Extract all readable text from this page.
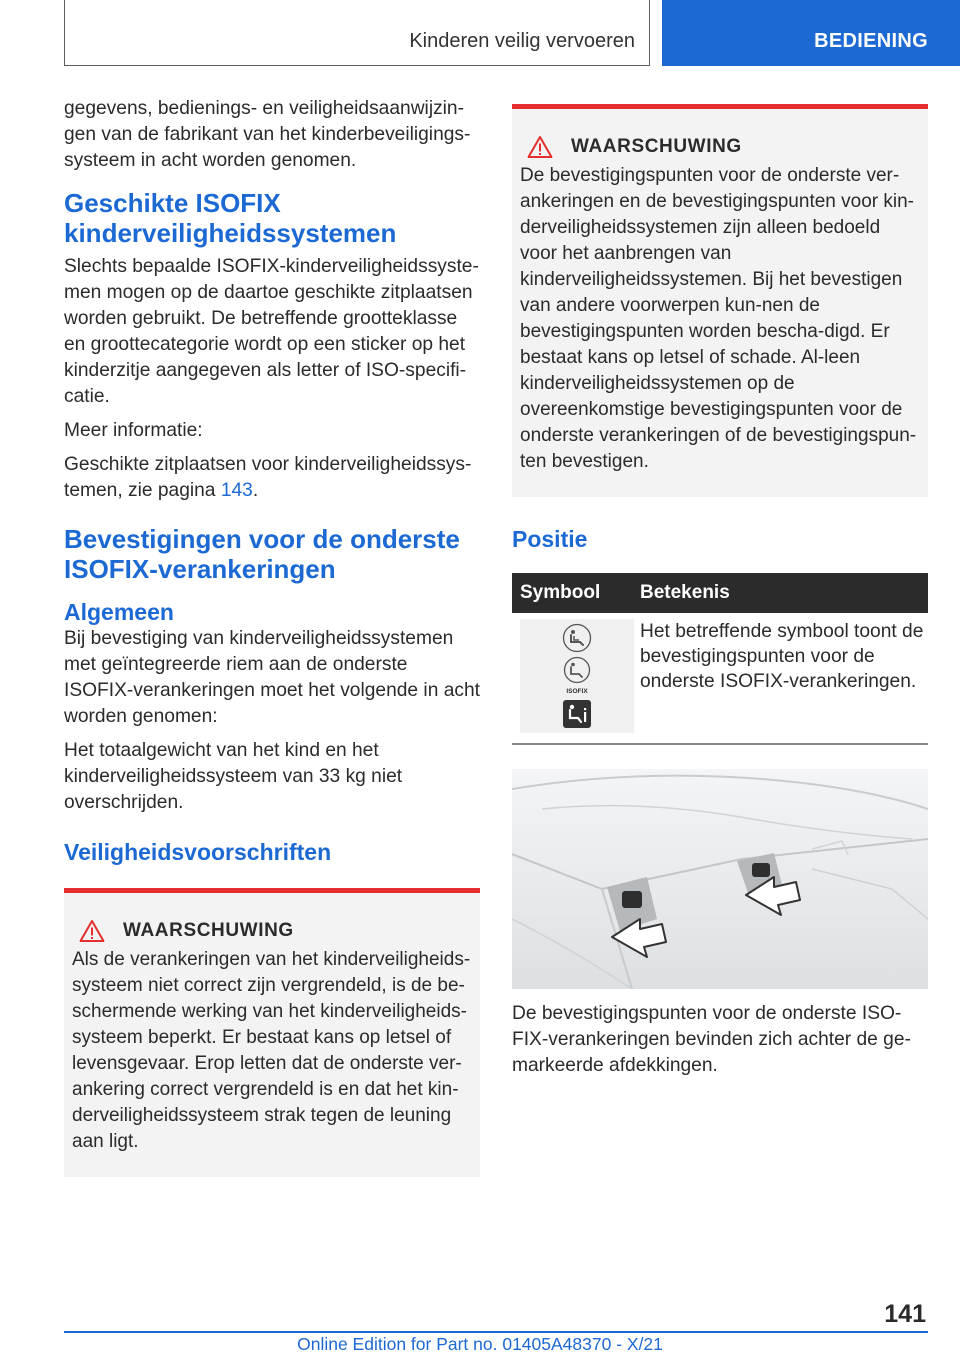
Kinderen veilig vervoeren	BEDIENING

gegevens, bedienings- en veiligheidsaanwijzin-gen van de fabrikant van het kinderbeveiligings-systeem in acht worden genomen.

Geschikte ISOFIX kinderveiligheidssystemen

Slechts bepaalde ISOFIX-kinderveiligheidssyste-men mogen op de daartoe geschikte zitplaatsen worden gebruikt. De betreffende grootteklasse en groottecategorie wordt op een sticker op het kinderzitje aangegeven als letter of ISO-specifi-catie.

Meer informatie:

Geschikte zitplaatsen voor kinderveiligheidssys-temen, zie pagina 143.

Bevestigingen voor de onderste ISOFIX-verankeringen
Algemeen

Bij bevestiging van kinderveiligheidssystemen met geïntegreerde riem aan de onderste ISOFIX-verankeringen moet het volgende in acht worden genomen:

Het totaalgewicht van het kind en het kinderveiligheidssysteem van 33 kg niet overschrijden.

Veiligheidsvoorschriften
WAARSCHUWING

Als de verankeringen van het kinderveiligheids-systeem niet correct zijn vergrendeld, is de be-schermende werking van het kinderveiligheids-systeem beperkt. Er bestaat kans op letsel of levensgevaar. Erop letten dat de onderste ver-ankering correct vergrendeld is en dat het kin-derveiligheidssysteem strak tegen de leuning aan ligt.

WAARSCHUWING

De bevestigingspunten voor de onderste ver-ankeringen en de bevestigingspunten voor kin-derveiligheidssystemen zijn alleen bedoeld voor het aanbrengen van kinderveiligheidssystemen. Bij het bevestigen van andere voorwerpen kun-nen de bevestigingspunten worden bescha-digd. Er bestaat kans op letsel of schade. Al-leen kinderveiligheidssystemen op de overeenkomstige bevestigingspunten voor de onderste verankeringen of de bevestigingspun-ten bevestigen.

Positie
Symbool	Betekenis

ISOFIX	Het betreffende symbool toont de bevestigingspunten voor de onderste ISOFIX-verankeringen.

De bevestigingspunten voor de onderste ISO-FIX-verankeringen bevinden zich achter de ge-markeerde afdekkingen.

141
Online Edition for Part no. 01405A48370 - X/21
